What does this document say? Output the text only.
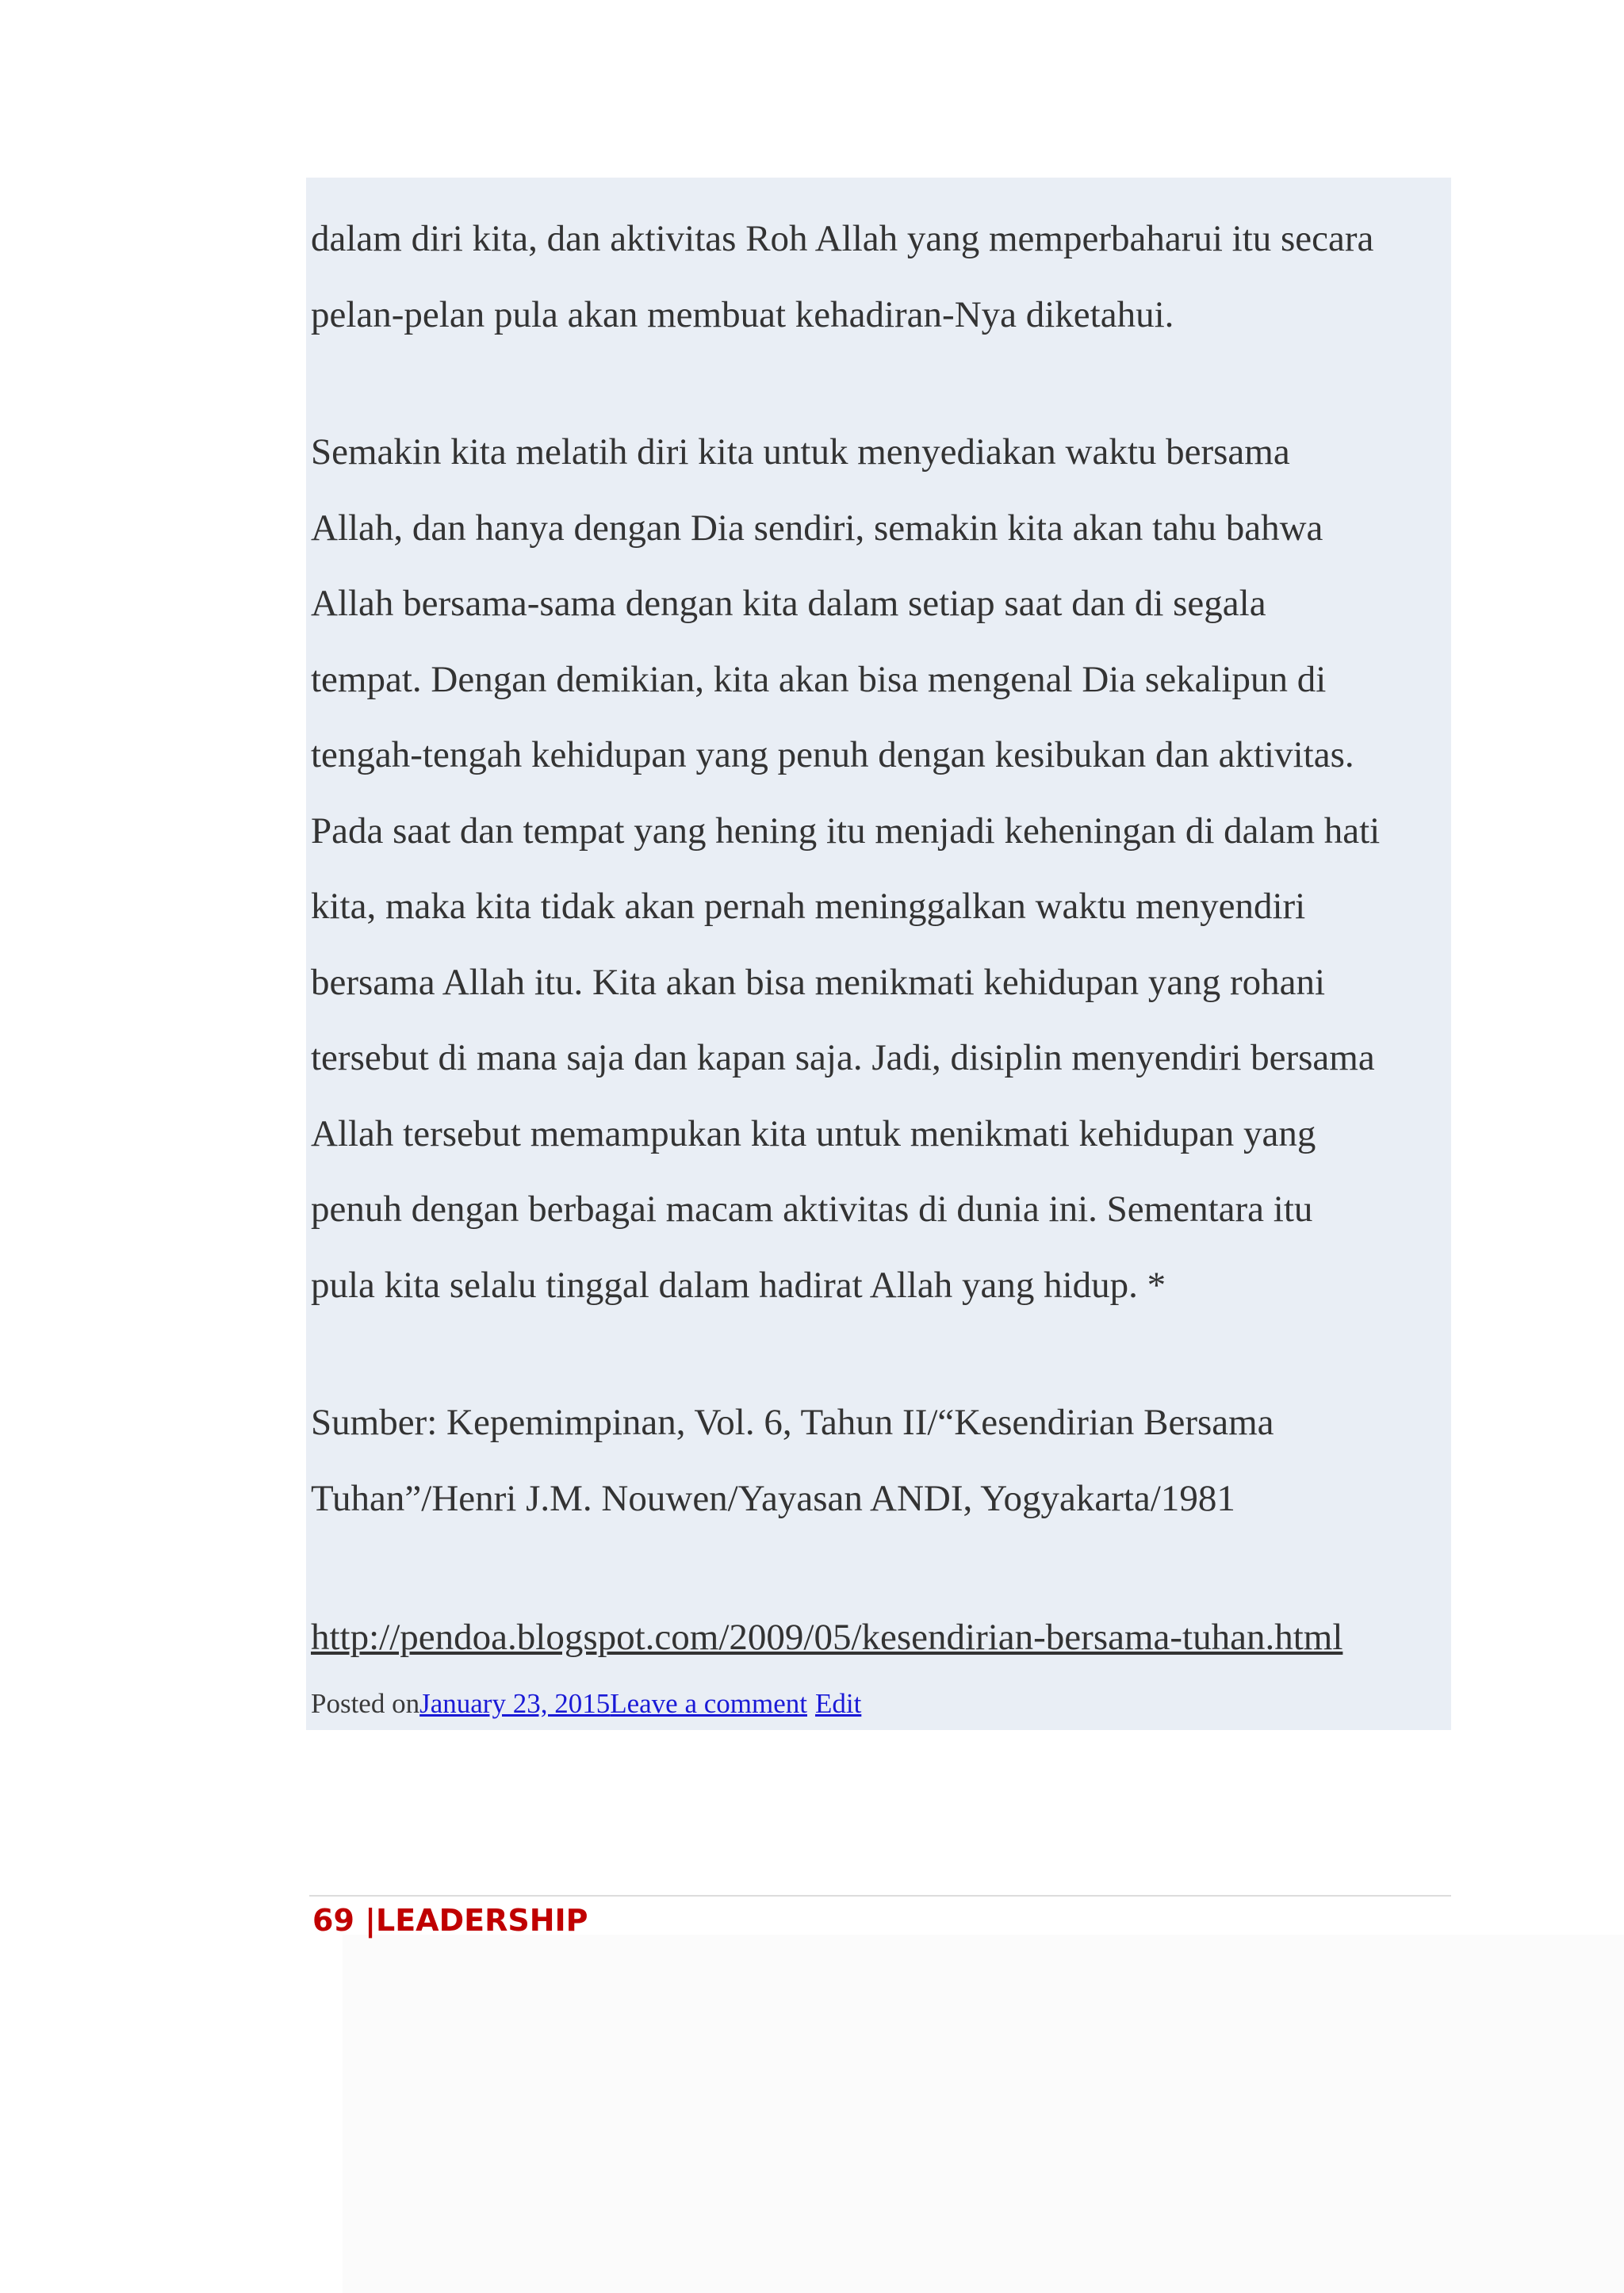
dalam diri kita, dan aktivitas Roh Allah yang memperbaharui itu secara
pelan-pelan pula akan membuat kehadiran-Nya diketahui.

Semakin kita melatih diri kita untuk menyediakan waktu bersama
Allah, dan hanya dengan Dia sendiri, semakin kita akan tahu bahwa
Allah bersama-sama dengan kita dalam setiap saat dan di segala
tempat. Dengan demikian, kita akan bisa mengenal Dia sekalipun di
tengah-tengah kehidupan yang penuh dengan kesibukan dan aktivitas.
Pada saat dan tempat yang hening itu menjadi keheningan di dalam hati
kita, maka kita tidak akan pernah meninggalkan waktu menyendiri
bersama Allah itu. Kita akan bisa menikmati kehidupan yang rohani
tersebut di mana saja dan kapan saja. Jadi, disiplin menyendiri bersama
Allah tersebut memampukan kita untuk menikmati kehidupan yang
penuh dengan berbagai macam aktivitas di dunia ini. Sementara itu
pula kita selalu tinggal dalam hadirat Allah yang hidup. *

Sumber: Kepemimpinan, Vol. 6, Tahun II/“Kesendirian Bersama
Tuhan”/Henri J.M. Nouwen/Yayasan ANDI, Yogyakarta/1981

http://pendoa.blogspot.com/2009/05/kesendirian-bersama-tuhan.html
Posted onJanuary 23, 2015Leave a comment Edit
69 |LEADERSHIP
